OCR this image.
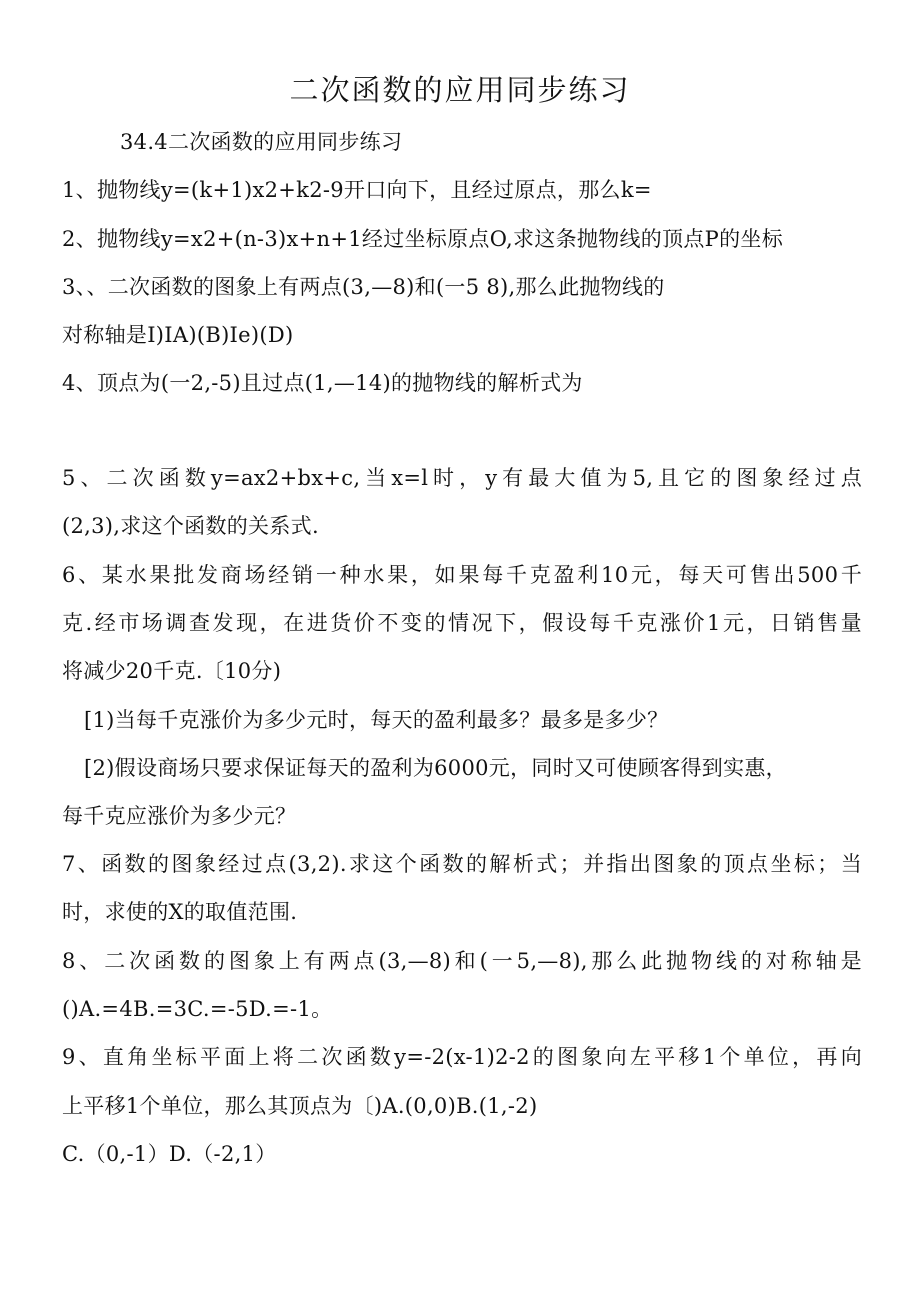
二次函数的应用同步练习
34.4二次函数的应用同步练习
1、抛物线y=(k+1)x2+k2-9开口向下，且经过原点，那么k=
2、抛物线y=x2+(n-3)x+n+1经过坐标原点O,求这条抛物线的顶点P的坐标
3、、二次函数的图象上有两点(3,—8)和(一5 8),那么此抛物线的
对称轴是I)IA)(B)Ie)(D)
4、顶点为(一2,-5)且过点(1,—14)的抛物线的解析式为
5、二次函数y=ax2+bx+c,当x=l时，y有最大值为5,且它的图象经过点
(2,3),求这个函数的关系式.
6、某水果批发商场经销一种水果，如果每千克盈利10元，每天可售出500千
克.经市场调查发现，在进货价不变的情况下，假设每千克涨价1元，日销售量
将减少20千克.〔10分)
[1)当每千克涨价为多少元时，每天的盈利最多？最多是多少？
[2)假设商场只要求保证每天的盈利为6000元，同时又可使顾客得到实惠，
每千克应涨价为多少元？
7、函数的图象经过点(3,2).求这个函数的解析式；并指出图象的顶点坐标；当
时，求使的X的取值范围.
8、二次函数的图象上有两点(3,—8)和(一5,—8),那么此抛物线的对称轴是
()A.=4B.=3C.=-5D.=-1。
9、直角坐标平面上将二次函数y=-2(x-1)2-2的图象向左平移1个单位，再向
上平移1个单位，那么其顶点为〔)A.(0,0)B.(1,-2)
C.（0,-1）D.（-2,1）
